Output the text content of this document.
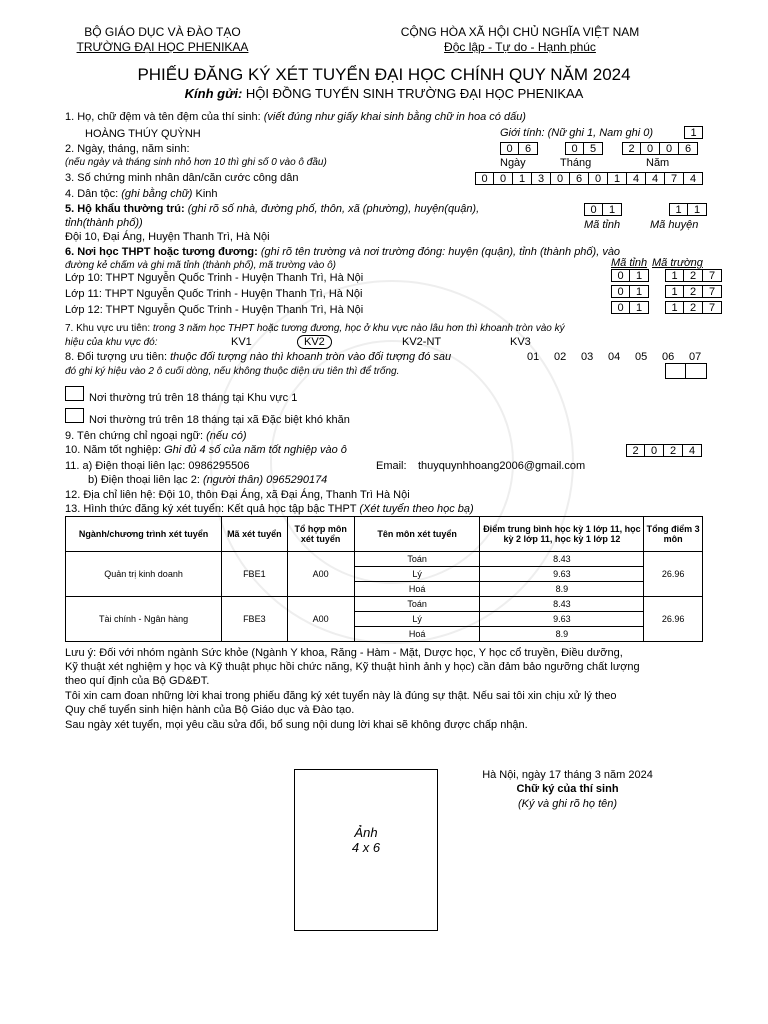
BỘ GIÁO DỤC VÀ ĐÀO TẠO
TRƯỜNG ĐẠI HỌC PHENIKAA
CỘNG HÒA XÃ HỘI CHỦ NGHĨA VIỆT NAM
Độc lập - Tự do - Hạnh phúc
PHIẾU ĐĂNG KÝ XÉT TUYỂN ĐẠI HỌC CHÍNH QUY NĂM 2024
Kính gửi: HỘI ĐỒNG TUYỂN SINH TRƯỜNG ĐẠI HỌC PHENIKAA
1. Họ, chữ đệm và tên đệm của thí sinh: (viết đúng như giấy khai sinh bằng chữ in hoa có dấu)
HOÀNG THÚY QUỲNH	Giới tính: (Nữ ghi 1, Nam ghi 0)	1
2. Ngày, tháng, năm sinh:
(nếu ngày và tháng sinh nhỏ hơn 10 thì ghi số 0 vào ô đầu)
0	6	0	5	2	0	0	6
Ngày	Tháng	Năm
3. Số chứng minh nhân dân/căn cước công dân	0	0	1	3	0	6	0	1	4	4	7	4
4. Dân tộc: (ghi bằng chữ) Kinh
5. Hộ khẩu thường trú: (ghi rõ số nhà, đường phố, thôn, xã (phường), huyện(quận),
tỉnh(thành phố))
Đội 10, Đại Áng, Huyện Thanh Trì, Hà Nội
0	1	1	1
Mã tỉnh	Mã huyện
6. Nơi học THPT hoặc tương đương: (ghi rõ tên trường và nơi trường đóng: huyện (quận), tỉnh (thành phố), vào
đường kẻ chấm và ghi mã tỉnh (thành phố), mã trường vào ô)	Mã tỉnh Mã trường
Lớp 10: THPT Nguyễn Quốc Trinh - Huyện Thanh Trì, Hà Nội	0	1	1	2	7
Lớp 11: THPT Nguyễn Quốc Trinh - Huyện Thanh Trì, Hà Nội	0	1	1	2	7
Lớp 12: THPT Nguyễn Quốc Trinh - Huyện Thanh Trì, Hà Nội	0	1	1	2	7
7. Khu vực ưu tiên: trong 3 năm học THPT hoặc tương đương, học ở khu vực nào lâu hơn thì khoanh tròn vào ký
hiệu của khu vực đó:	KV1	KV2	KV2-NT	KV3
8. Đối tượng ưu tiên: thuộc đối tượng nào thì khoanh tròn vào đối tượng đó sau
đó ghi ký hiệu vào 2 ô cuối dòng, nếu không thuộc diện ưu tiên thì để trống.
01 02 03 04 05 06 07
Nơi thường trú trên 18 tháng tại Khu vực 1
Nơi thường trú trên 18 tháng tại xã Đặc biệt khó khăn
9. Tên chứng chỉ ngoại ngữ: (nếu có)
10. Năm tốt nghiệp: Ghi đủ 4 số của năm tốt nghiệp vào ô	2	0	2	4
11. a) Điện thoại liên lạc: 0986295506	Email: thuyquynhhoang2006@gmail.com
b) Điện thoại liên lạc 2: (người thân) 0965290174
12. Địa chỉ liên hệ: Đội 10, thôn Đại Áng, xã Đại Áng, Thanh Trì Hà Nội
13. Hình thức đăng ký xét tuyển: Kết quả học tập bậc THPT (Xét tuyển theo học bạ)
Ngành/chương trình xét tuyển	Mã xét tuyển	Tổ hợp môn xét tuyển	Tên môn xét tuyển	Điểm trung bình học kỳ 1 lớp 11, học kỳ 2 lớp 11, học kỳ 1 lớp 12	Tổng điểm 3 môn
Quản trị kinh doanh	FBE1	A00	Toán	8.43	26.96
			Lý	9.63	
			Hoá	8.9	
Tài chính - Ngân hàng	FBE3	A00	Toán	8.43	26.96
			Lý	9.63	
			Hoá	8.9	
Lưu ý: Đối với nhóm ngành Sức khỏe (Ngành Y khoa, Răng - Hàm - Mặt, Dược học, Y học cổ truyền, Điều dưỡng,
Kỹ thuật xét nghiệm y học và Kỹ thuật phục hồi chức năng, Kỹ thuật hình ảnh y học) cần đảm bảo ngưỡng chất lượng
theo quí định của Bộ GD&ĐT.
Tôi xin cam đoan những lời khai trong phiếu đăng ký xét tuyển này là đúng sự thật. Nếu sai tôi xin chịu xử lý theo
Quy chế tuyển sinh hiện hành của Bộ Giáo dục và Đào tạo.
Sau ngày xét tuyển, mọi yêu cầu sửa đổi, bổ sung nội dung lời khai sẽ không được chấp nhận.
Ảnh
4 x 6
Hà Nội, ngày 17 tháng 3 năm 2024
Chữ ký của thí sinh
(Ký và ghi rõ họ tên)
